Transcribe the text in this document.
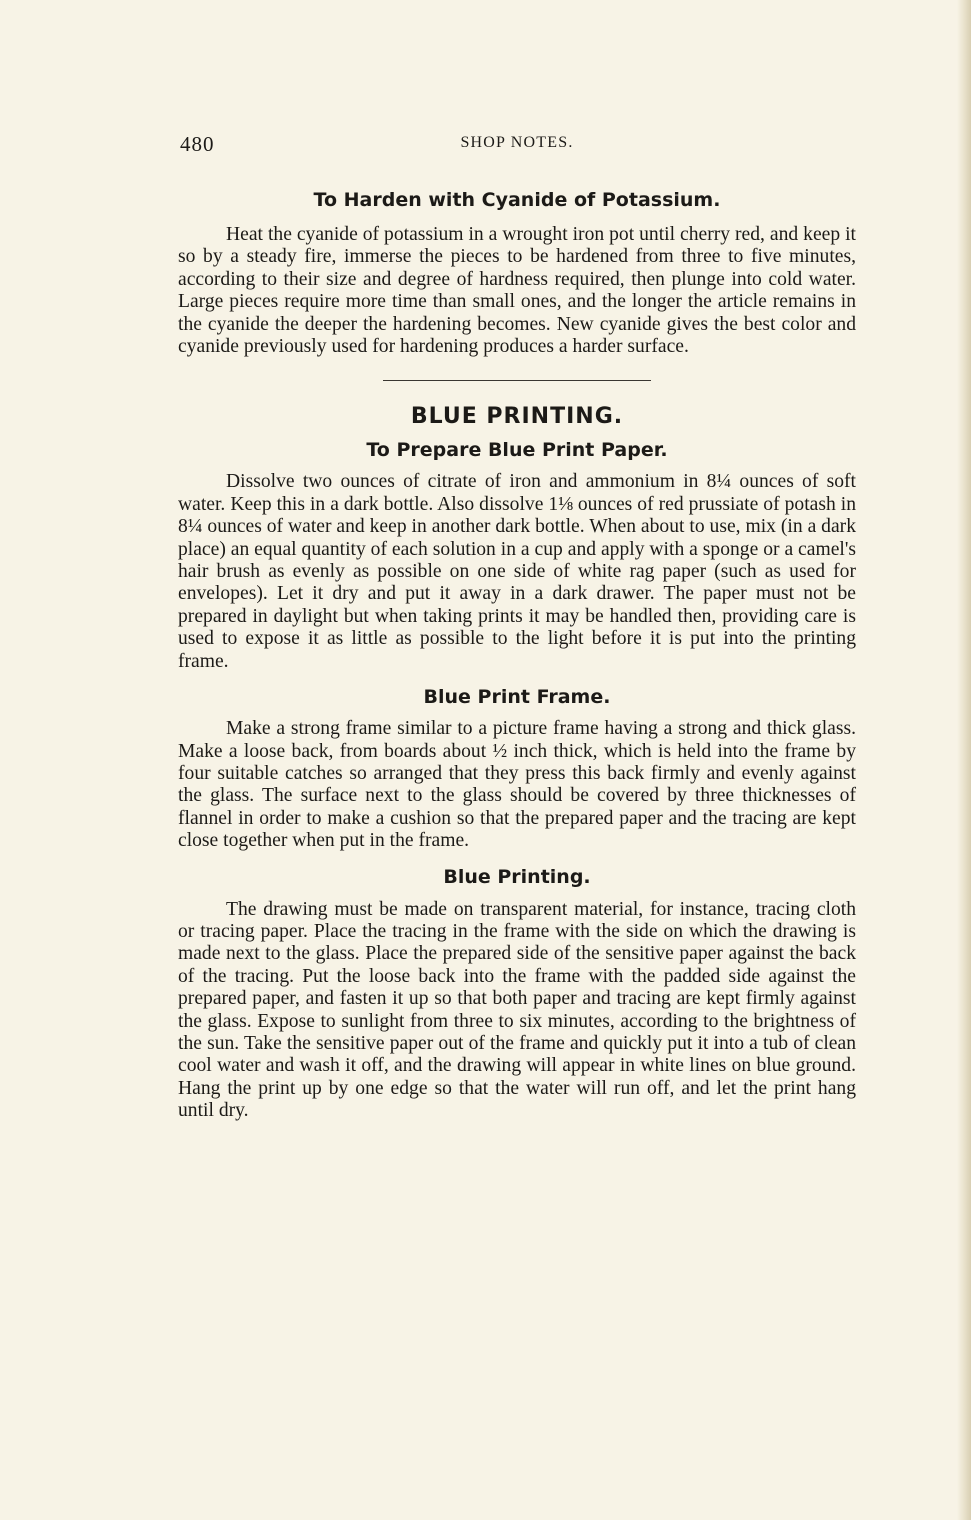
480	SHOP NOTES.
To Harden with Cyanide of Potassium.

Heat the cyanide of potassium in a wrought iron pot until cherry red, and keep it so by a steady fire, immerse the pieces to be hardened from three to five minutes, according to their size and degree of hardness required, then plunge into cold water. Large pieces require more time than small ones, and the longer the article remains in the cyanide the deeper the hardening becomes. New cyanide gives the best color and cyanide previously used for hardening produces a harder surface.

BLUE PRINTING.
To Prepare Blue Print Paper.

Dissolve two ounces of citrate of iron and ammonium in 8¼ ounces of soft water. Keep this in a dark bottle. Also dissolve 1⅛ ounces of red prussiate of potash in 8¼ ounces of water and keep in another dark bottle. When about to use, mix (in a dark place) an equal quantity of each solution in a cup and apply with a sponge or a camel's hair brush as evenly as possible on one side of white rag paper (such as used for envelopes). Let it dry and put it away in a dark drawer. The paper must not be prepared in daylight but when taking prints it may be handled then, providing care is used to expose it as little as possible to the light before it is put into the printing frame.

Blue Print Frame.

Make a strong frame similar to a picture frame having a strong and thick glass. Make a loose back, from boards about ½ inch thick, which is held into the frame by four suitable catches so arranged that they press this back firmly and evenly against the glass. The surface next to the glass should be covered by three thicknesses of flannel in order to make a cushion so that the prepared paper and the tracing are kept close together when put in the frame.

Blue Printing.

The drawing must be made on transparent material, for instance, tracing cloth or tracing paper. Place the tracing in the frame with the side on which the drawing is made next to the glass. Place the prepared side of the sensitive paper against the back of the tracing. Put the loose back into the frame with the padded side against the prepared paper, and fasten it up so that both paper and tracing are kept firmly against the glass. Expose to sunlight from three to six minutes, according to the brightness of the sun. Take the sensitive paper out of the frame and quickly put it into a tub of clean cool water and wash it off, and the drawing will appear in white lines on blue ground. Hang the print up by one edge so that the water will run off, and let the print hang until dry.
